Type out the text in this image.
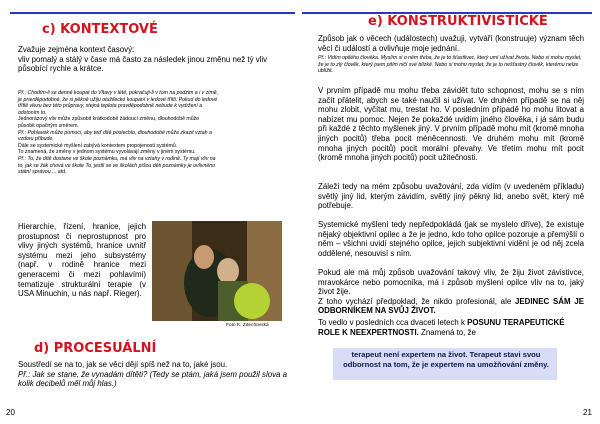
c) KONTEXTOVÉ
Zvažuje zejména kontext časový:
vliv pomalý a stálý v čase má často za následek jinou změnu než tý vliv působící rychle a krátce.
Př.: Chodím-li se denně koupat do Vltavy v létě, pokračuji-li v tom na podzim a i v zimě,
je pravděpodobné, že si pěkně užiju otužilecké koupání v ledové třítli. Pokud do ledové
třítlě vlezu bez této průpravy, stejná teplota pravděpodobně nebude k vydržení a
odstoním to.
Jednorázový vliv může způsobit krátkodobě žádoucí změnu, dlouhodobě může
působit opačným směrem.
Př.: Pohlavek může pomoci, aby teď dítě poslechlo, dlouhodobě může zkazit vztah a
vzdoru přibude.
Dále se systemické myšlení zabývá kontextem propojenosti systémů.
To znamená, že změny v jednom systému vyvolávají změny v jiném systému.
Př.: To, že dítě dostane ve škole poznámku, má vliv na vztahy v rodině. Ty mají vliv na
to, jak se žák chová ve škole To, jestli se ve školách píšou děti poznámky je ovlivněno
státní správou ... atd.
Hierarchie, řízení, hranice, jejich prostupnost či neprostupnost pro vlivy jiných systémů, hranice uvnitř systému mezi jeho subsystémy (např. v rodině hranice mezi generacemi či mezi pohlavími) tematizuje strukturální terapie (v USA Minuchin, u nás např. Rieger).
Foto K. Zdechovská
d) PROCESUÁLNÍ
Soustředí se na to, jak se věci dějí spíš než na to, jaké jsou.
Př.: Jak se stane, že vynadám dítěti? (Tedy se ptám, jaká jsem použil slova a kolik decibelů měl můj hlas.)
20
e) KONSTRUKTIVISTICKÉ
Způsob jak o věcech (událostech) uvažuji, vytváří (konstruuje) význam těch věcí či událostí a ovlivňuje moje jednání.
Př.: Vidím opilého člověka. Myslím si o něm třeba, že je to šťastlivec, který umí užívat života. Nebo si mohu myslet, že je to zlý člověk, který jsem pitím ničí své blízké. Nebo si mohu myslet, že je to nešťastný člověk, kterému nelze ublížit.
V prvním případě mu mohu třeba závidět tuto schopnost, mohu se s ním začít přátelit, abych se také naučil si užívat. Ve druhém případě se na něj mohu zlobit, vyčítat mu, trestat ho. V posledním případě ho mohu litovat a nabízet mu pomoc. Nejen že pokaždé uvidím jiného člověka, i já sám budu při každé z těchto myšlenek jiný. V prvním případě mohu mít (kromě mnoha jiných pocitů) třeba pocit méněcennosti. Ve druhém mohu mít (kromě mnoha jiných pocitů) pocit morální převahy. Ve třetím mohu mít pocit (kromě mnoha jiných pocitů) pocit užitečnosti.
Záleží tedy na mém způsobu uvažování, zda vidím (v uvedeném příkladu) světlý jiný lid, kterým závidím, světlý jiný pěkný lid, anebo svět, který mě potřebuje.
Systemické myšlení tedy nepředpokládá (jak se myslelo dříve), že existuje nějaký objektivní opilec a že je jedno, kdo toho opilce pozoruje a přemýšlí o něm – všichni uvidí stejného opilce, jejich subjektivní vidění je od něj zcela oddělené, nesouvisí s ním.
Pokud ale má můj způsob uvažování takový vliv, že žiju život závistivce, mravokárce nebo pomocníka, má i způsob myšlení opilce vliv na to, jaký život žije.
Z toho vychází předpoklad, že nikdo profesionál, ale JEDINEC SÁM JE ODBORNÍKEM NA SVŮJ ŽIVOT.
To vedlo v posledních cca dvaceti letech k POSUNU TERAPEUTICKÉ ROLE K NEEXPERTNOSTI. Znamená to, že
21
terapeut není expertem na život. Terapeut stavi svou odbornost na tom, že je expertem na umožňování změny.
